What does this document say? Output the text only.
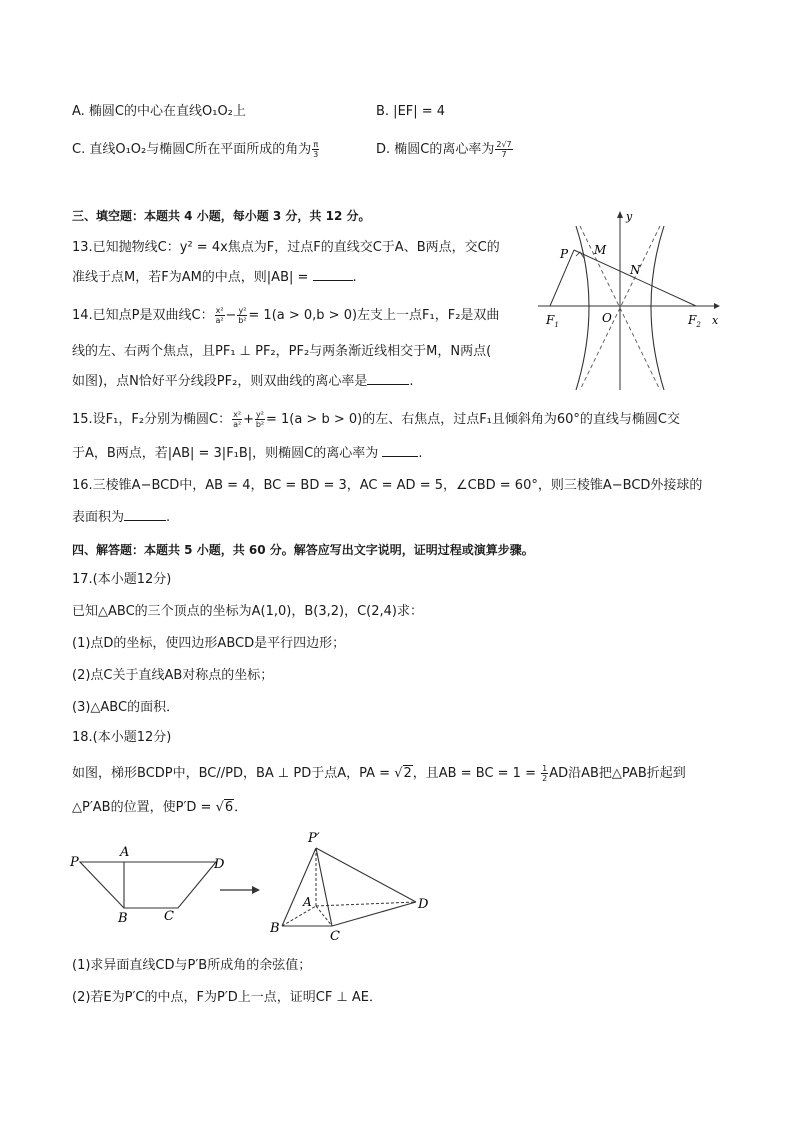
A. 椭圆C的中心在直线O₁O₂上	B. |EF| = 4
C. 直线O₁O₂与椭圆C所在平面所成的角为 $\frac{\pi}{3}$	D. 椭圆C的离心率为 $\frac{2√7}{7}$
三、填空题：本题共 4 小题，每小题 3 分，共 12 分。
13.已知抛物线C：y² = 4x焦点为F，过点F的直线交C于A、B两点，交C的
准线于点M，若F为AM的中点，则|AB| =	.
14.已知点P是双曲线C： $\frac{\text{x²}}{\text{a²}} - \frac{\text{y²}}{\text{b²}} = 1(a > 0,b > 0)$左支上一点F₁，F₂是双曲
线的左、右两个焦点，且PF₁ ⊥ PF₂，PF₂与两条渐近线相交于M，N两点(
如图)，点N恰好平分线段PF₂，则双曲线的离心率是	.
15.设F₁，F₂分别为椭圆C： $\frac{\text{x²}}{\text{a²}} + \frac{\text{y²}}{\text{b²}} = 1(a > b > 0)$的左、右焦点，过点F₁且倾斜角为60°的直线与椭圆C交
于A，B两点，若|AB| = 3|F₁B|，则椭圆C的离心率为	.
16.三棱锥A−BCD中，AB = 4，BC = BD = 3，AC = AD = 5，∠CBD = 60°，则三棱锥A−BCD外接球的
表面积为	.
P M
N
O
y
x
$F_1$	$F_2$
四、解答题：本题共 5 小题，共 60 分。解答应写出文字说明，证明过程或演算步骤。
17.(本小题12分)
已知△ABC的三个顶点的坐标为A(1,0)，B(3,2)，C(2,4)求：
(1)点D的坐标，使四边形ABCD是平行四边形；
(2)点C关于直线AB对称点的坐标；
(3)△ABC的面积．
18.(本小题12分)
如图，梯形BCDP中，BC//PD，BA ⊥ PD于点A，PA = √2，且AB = BC = $1 = \frac{1}{2}$ AD沿AB把△PAB折起到
△P′AB的位置，使P′D = √6．
P
A
D
B	C
P′
A
B
C
D
(1)求异面直线CD与P′B所成角的余弦值；
(2)若E为P′C的中点，F为P′D上一点，证明CF ⊥ AE．
